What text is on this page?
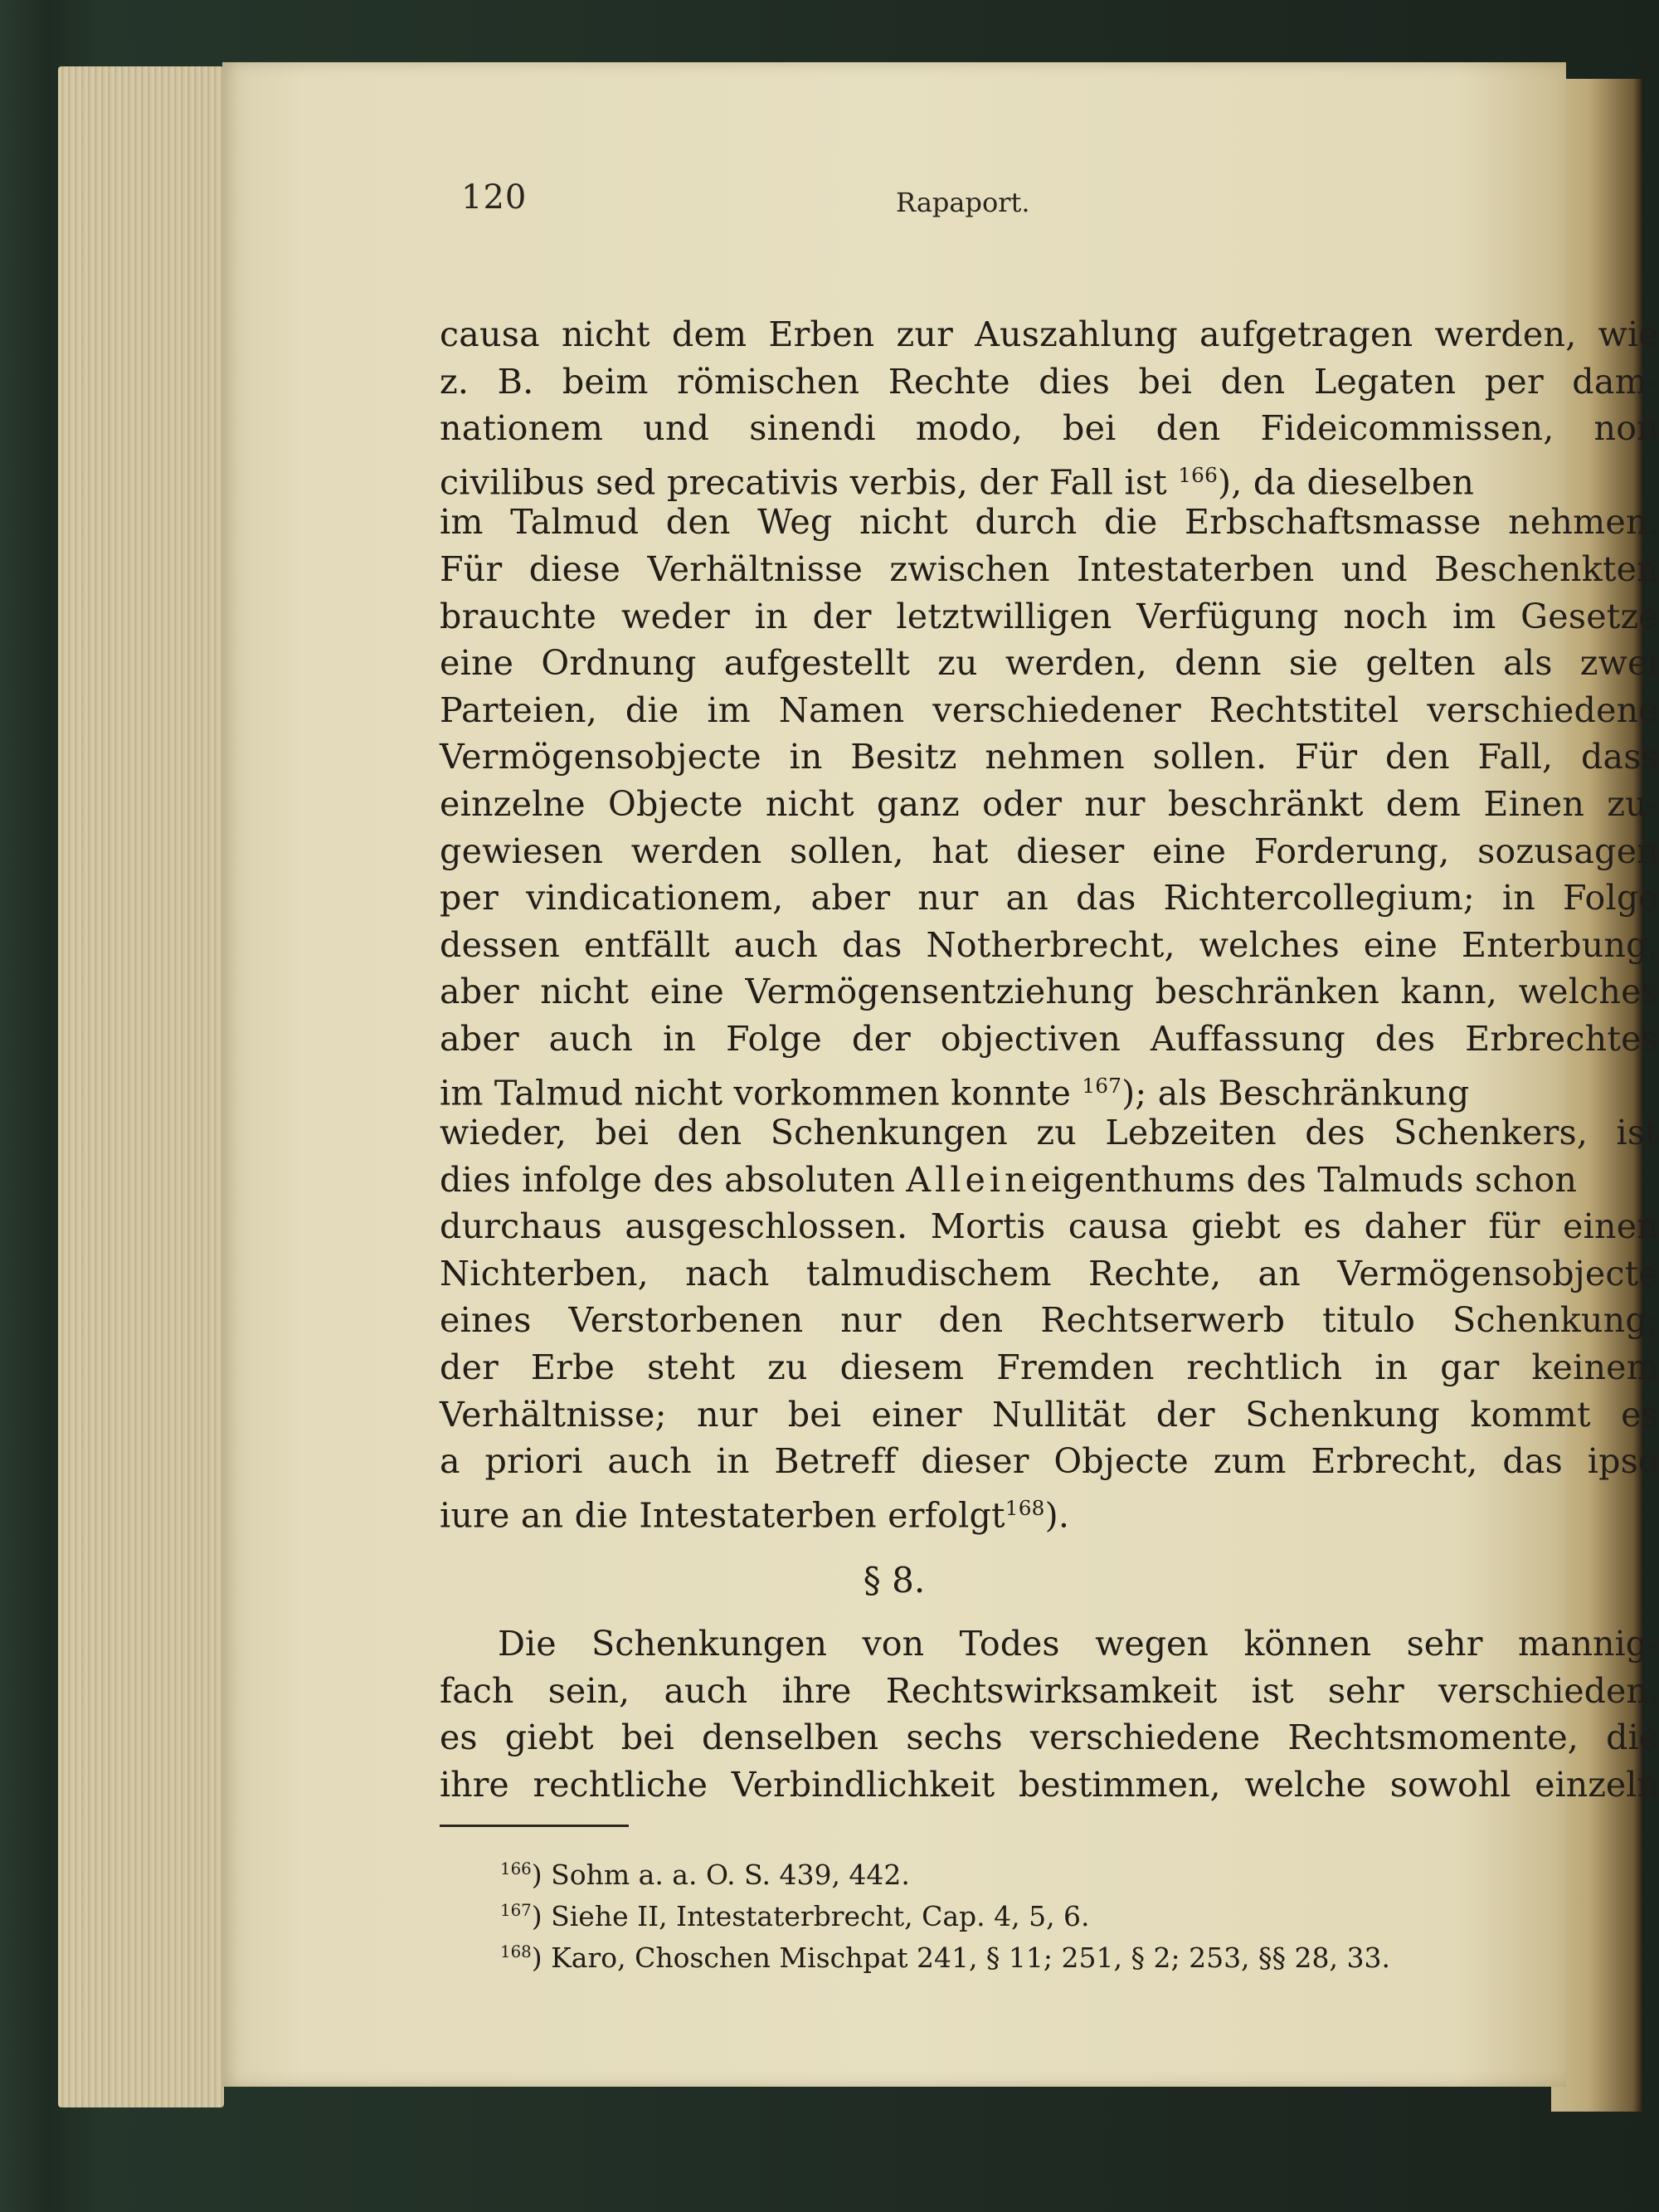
120	Rapaport.
causa nicht dem Erben zur Auszahlung aufgetragen werden, wie
z. B. beim römischen Rechte dies bei den Legaten per dam-
nationem und sinendi modo, bei den Fideicommissen, non
civilibus sed precativis verbis, der Fall ist $^{166}$), da dieselben
im Talmud den Weg nicht durch die Erbschaftsmasse nehmen.
Für diese Verhältnisse zwischen Intestaterben und Beschenkten
brauchte weder in der letztwilligen Verfügung noch im Gesetze
eine Ordnung aufgestellt zu werden, denn sie gelten als zwei
Parteien, die im Namen verschiedener Rechtstitel verschiedene
Vermögensobjecte in Besitz nehmen sollen. Für den Fall, dass
einzelne Objecte nicht ganz oder nur beschränkt dem Einen zu-
gewiesen werden sollen, hat dieser eine Forderung, sozusagen
per vindicationem, aber nur an das Richtercollegium; in Folge
dessen entfällt auch das Notherbrecht, welches eine Enterbung,
aber nicht eine Vermögensentziehung beschränken kann, welches
aber auch in Folge der objectiven Auffassung des Erbrechtes
im Talmud nicht vorkommen konnte $^{167}$); als Beschränkung
wieder, bei den Schenkungen zu Lebzeiten des Schenkers, ist
dies infolge des absoluten Alleineigenthums des Talmuds schon
durchaus ausgeschlossen. Mortis causa giebt es daher für einen
Nichterben, nach talmudischem Rechte, an Vermögensobjecte
eines Verstorbenen nur den Rechtserwerb titulo Schenkung;
der Erbe steht zu diesem Fremden rechtlich in gar keinem
Verhältnisse; nur bei einer Nullität der Schenkung kommt es
a priori auch in Betreff dieser Objecte zum Erbrecht, das ipso
iure an die Intestaterben erfolgt$^{168}$).
§ 8.
Die Schenkungen von Todes wegen können sehr mannig-
fach sein, auch ihre Rechtswirksamkeit ist sehr verschieden,
es giebt bei denselben sechs verschiedene Rechtsmomente, die
ihre rechtliche Verbindlichkeit bestimmen, welche sowohl einzeln
$^{166}$) Sohm a. a. O. S. 439, 442.
$^{167}$) Siehe II, Intestaterbrecht, Cap. 4, 5, 6.
$^{168}$) Karo, Choschen Mischpat 241, § 11; 251, § 2; 253, §§ 28, 33.
